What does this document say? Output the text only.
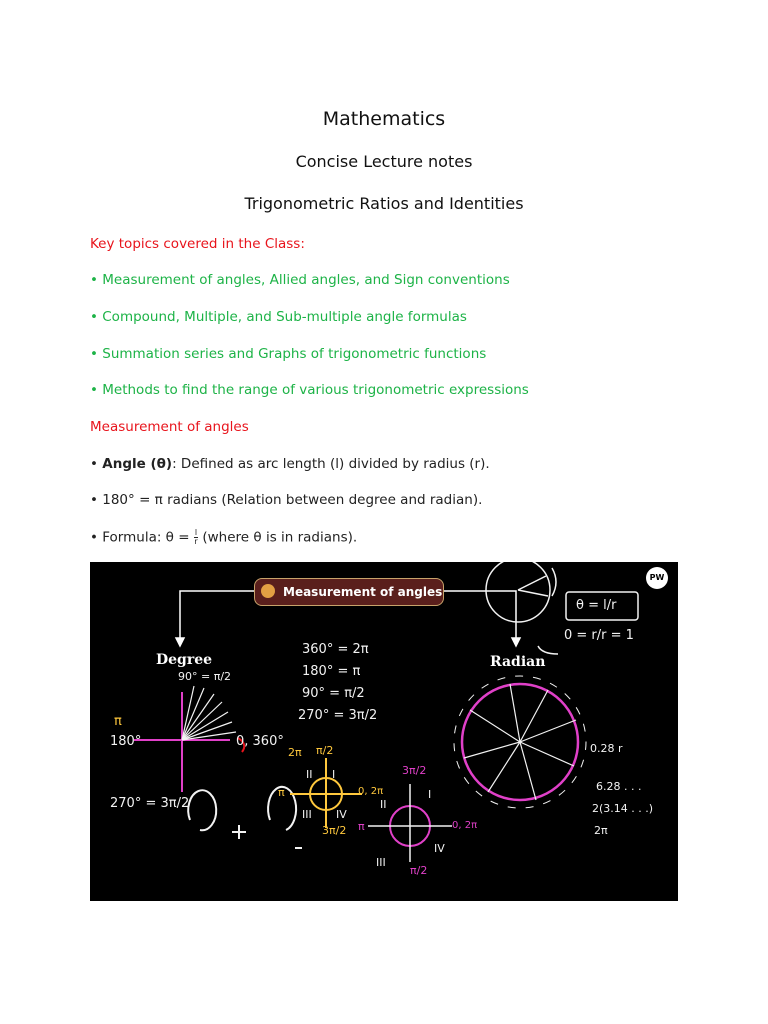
Mathematics
Concise Lecture notes
Trigonometric Ratios and Identities
Key topics covered in the Class:
• Measurement of angles, Allied angles, and Sign conventions
• Compound, Multiple, and Sub-multiple angle formulas
• Summation series and Graphs of trigonometric functions
• Methods to find the range of various trigonometric expressions
Measurement of angles
• Angle (θ): Defined as arc length (l) divided by radius (r).
• 180° = π radians (Relation between degree and radian).
• Formula: $\theta = \frac{l}{r}$ (where θ is in radians).
Measurement of angles
PW
Degree	Radian
360° = 2π
180° = π
90° = π/2
270° = 3π/2
θ = l/r
0 = r/r = 1
90° = π/2
π
180°	0, 360°
270° = 3π/2
π/2
I
II
III IV
0, 2π
3π/2
π
2π
3π/2
I
II
III
IV
0, 2π
π/2
π
0.28 r
6.28 . . .
2(3.14 . . .)
2π
